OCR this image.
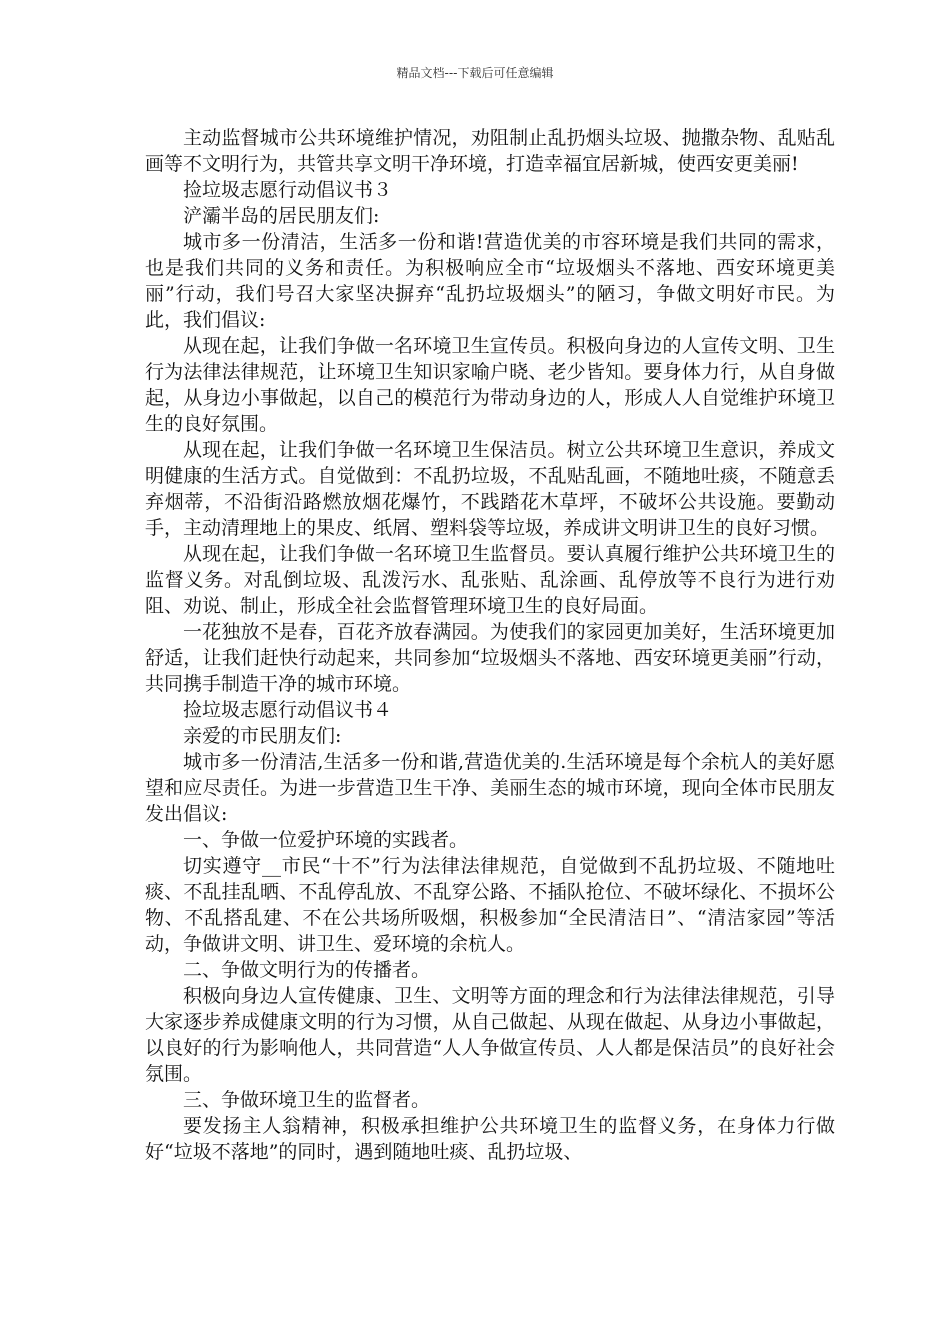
精品文档---下载后可任意编辑

主动监督城市公共环境维护情况，劝阻制止乱扔烟头垃圾、抛撒杂物、乱贴乱画等不文明行为，共管共享文明干净环境，打造幸福宜居新城，使西安更美丽!

捡垃圾志愿行动倡议书３

浐灞半岛的居民朋友们:

城市多一份清洁，生活多一份和谐!营造优美的市容环境是我们共同的需求，也是我们共同的义务和责任。为积极响应全市“垃圾烟头不落地、西安环境更美丽”行动，我们号召大家坚决摒弃“乱扔垃圾烟头”的陋习，争做文明好市民。为此，我们倡议:

从现在起，让我们争做一名环境卫生宣传员。积极向身边的人宣传文明、卫生行为法律法律规范，让环境卫生知识家喻户晓、老少皆知。要身体力行，从自身做起，从身边小事做起，以自己的模范行为带动身边的人，形成人人自觉维护环境卫生的良好氛围。

从现在起，让我们争做一名环境卫生保洁员。树立公共环境卫生意识，养成文明健康的生活方式。自觉做到：不乱扔垃圾，不乱贴乱画，不随地吐痰，不随意丢弃烟蒂，不沿街沿路燃放烟花爆竹，不践踏花木草坪，不破坏公共设施。要勤动手，主动清理地上的果皮、纸屑、塑料袋等垃圾，养成讲文明讲卫生的良好习惯。

从现在起，让我们争做一名环境卫生监督员。要认真履行维护公共环境卫生的监督义务。对乱倒垃圾、乱泼污水、乱张贴、乱涂画、乱停放等不良行为进行劝阻、劝说、制止，形成全社会监督管理环境卫生的良好局面。

一花独放不是春，百花齐放春满园。为使我们的家园更加美好，生活环境更加舒适，让我们赶快行动起来，共同参加“垃圾烟头不落地、西安环境更美丽”行动，共同携手制造干净的城市环境。

捡垃圾志愿行动倡议书４

亲爱的市民朋友们:

城市多一份清洁,生活多一份和谐,营造优美的.生活环境是每个余杭人的美好愿望和应尽责任。为进一步营造卫生干净、美丽生态的城市环境，现向全体市民朋友发出倡议:

一、争做一位爱护环境的实践者。

切实遵守__市民“十不”行为法律法律规范，自觉做到不乱扔垃圾、不随地吐痰、不乱挂乱晒、不乱停乱放、不乱穿公路、不插队抢位、不破坏绿化、不损坏公物、不乱搭乱建、不在公共场所吸烟，积极参加“全民清洁日”、“清洁家园”等活动，争做讲文明、讲卫生、爱环境的余杭人。

二、争做文明行为的传播者。

积极向身边人宣传健康、卫生、文明等方面的理念和行为法律法律规范，引导大家逐步养成健康文明的行为习惯，从自己做起、从现在做起、从身边小事做起，以良好的行为影响他人，共同营造“人人争做宣传员、人人都是保洁员”的良好社会氛围。

三、争做环境卫生的监督者。

要发扬主人翁精神，积极承担维护公共环境卫生的监督义务，在身体力行做好“垃圾不落地”的同时，遇到随地吐痰、乱扔垃圾、
